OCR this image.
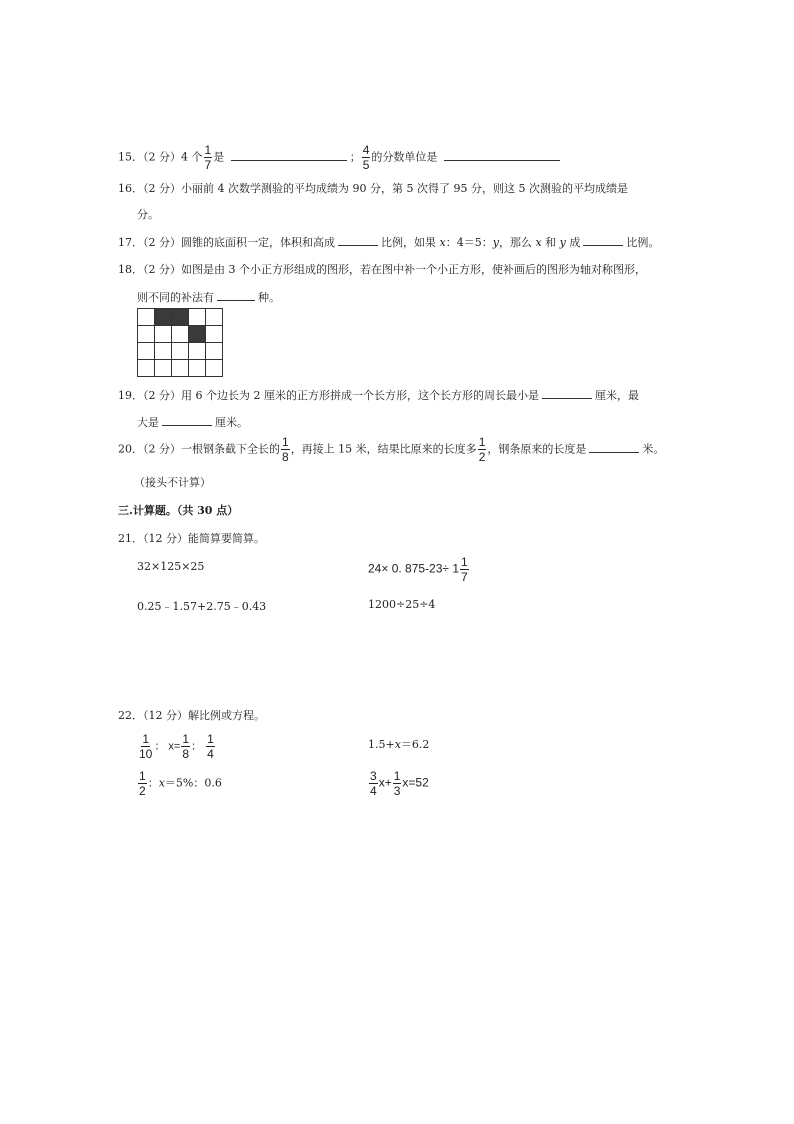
15．（2 分）4 个 $\frac{1}{7}$ 是	； $\frac{4}{5}$ 的分数单位是
16．（2 分）小丽前 4 次数学测验的平均成绩为 90 分，第 5 次得了 95 分，则这 5 次测验的平均成绩是
分。
17．（2 分）圆锥的底面积一定，体积和高成	比例，如果 x：4＝5：y，那么 x 和 y 成	比例。
18．（2 分）如图是由 3 个小正方形组成的图形，若在图中补一个小正方形，使补画后的图形为轴对称图形，
则不同的补法有	种。
19．（2 分）用 6 个边长为 2 厘米的正方形拼成一个长方形，这个长方形的周长最小是	厘米，最
大是	厘米。
20．（2 分）一根钢条截下全长的 $\frac{1}{8}$ ，再接上 15 米，结果比原来的长度多 $\frac{1}{2}$ ，钢条原来的长度是	米。
（接头不计算）
三.计算题。（共 30 点）
21．（12 分）能简算要简算。
32×125×25	24× 0. $875-23\div 1 \frac{1}{7}$
0.25﹣1.57+2.75﹣0.43	1200÷25÷4
22．（12 分）解比例或方程。
$\frac{1}{10}$ ： $x= \frac{1}{8}$ ： $\frac{1}{4}$	1.5+x＝6.2
$\frac{1}{2}$ ：x＝5%：0.6	$\frac{3}{4} x+ \frac{1}{3} x=52$
